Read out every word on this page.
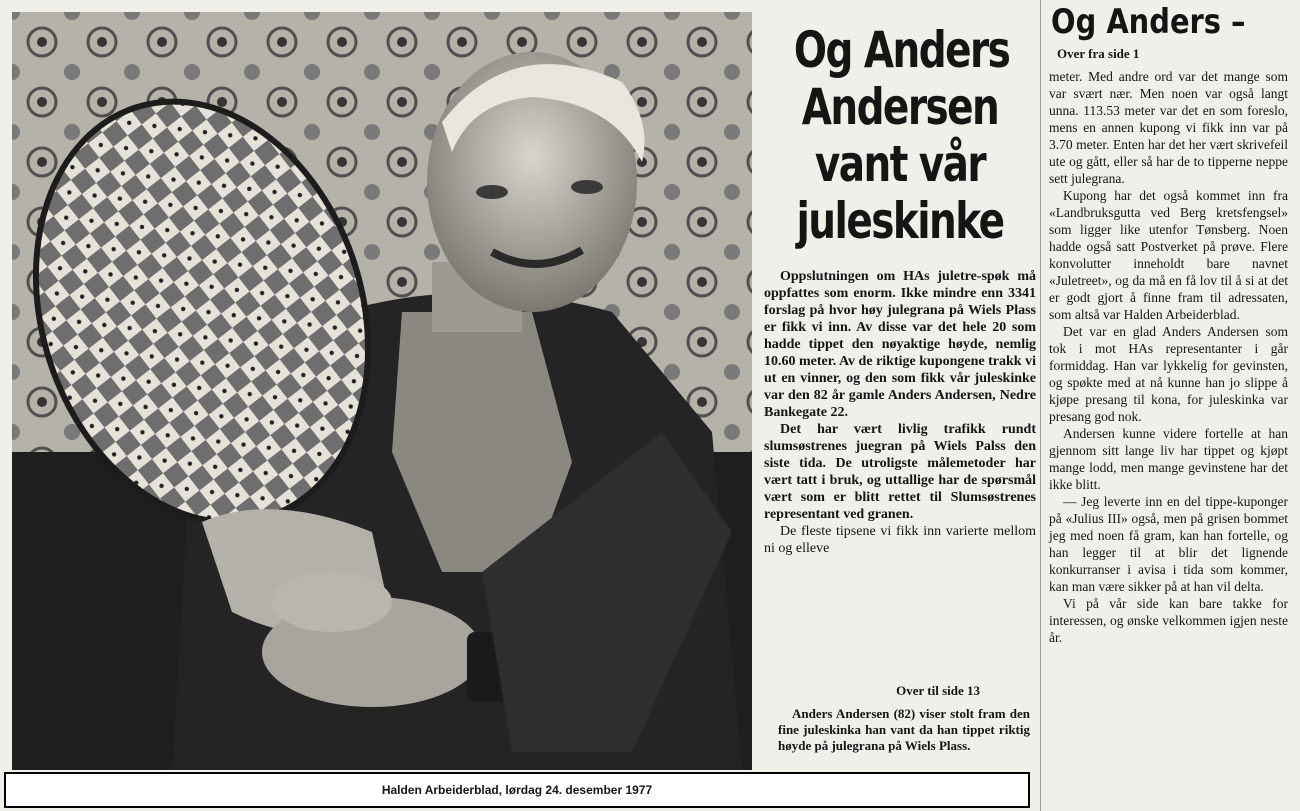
Og Anders
Andersen
vant vår
juleskinke

Oppslutningen om HAs juletre-spøk må oppfattes som enorm. Ikke mindre enn 3341 forslag på hvor høy julegrana på Wiels Plass er fikk vi inn. Av disse var det hele 20 som hadde tippet den nøyaktige høyde, nemlig 10.60 meter. Av de riktige kupongene trakk vi ut en vinner, og den som fikk vår juleskinke var den 82 år gamle Anders Andersen, Nedre Bankegate 22.

Det har vært livlig trafikk rundt slumsøstrenes juegran på Wiels Palss den siste tida. De utroligste målemetoder har vært tatt i bruk, og uttallige har de spørsmål vært som er blitt rettet til Slumsøstrenes representant ved granen.

De fleste tipsene vi fikk inn varierte mellom ni og elleve

Over til side 13

Anders Andersen (82) viser stolt fram den fine juleskinka han vant da han tippet riktig høyde på julegrana på Wiels Plass.

Og Anders –
Over fra side 1

meter. Med andre ord var det mange som var svært nær. Men noen var også langt unna. 113.53 meter var det en som foreslo, mens en annen kupong vi fikk inn var på 3.70 meter. Enten har det her vært skrivefeil ute og gått, eller så har de to tipperne neppe sett julegrana.

Kupong har det også kommet inn fra «Landbruksgutta ved Berg kretsfengsel» som ligger like utenfor Tønsberg. Noen hadde også satt Postverket på prøve. Flere konvolutter inneholdt bare navnet «Juletreet», og da må en få lov til å si at det er godt gjort å finne fram til adressaten, som altså var Halden Arbeiderblad.

Det var en glad Anders Andersen som tok i mot HAs representanter i går formiddag. Han var lykkelig for gevinsten, og spøkte med at nå kunne han jo slippe å kjøpe presang til kona, for juleskinka var presang god nok.

Andersen kunne videre fortelle at han gjennom sitt lange liv har tippet og kjøpt mange lodd, men mange gevinstene har det ikke blitt.

— Jeg leverte inn en del tippe-kuponger på «Julius III» også, men på grisen bommet jeg med noen få gram, kan han fortelle, og han legger til at blir det lignende konkurranser i avisa i tida som kommer, kan man være sikker på at han vil delta.

Vi på vår side kan bare takke for interessen, og ønske velkommen igjen neste år.

Halden Arbeiderblad, lørdag 24. desember 1977
